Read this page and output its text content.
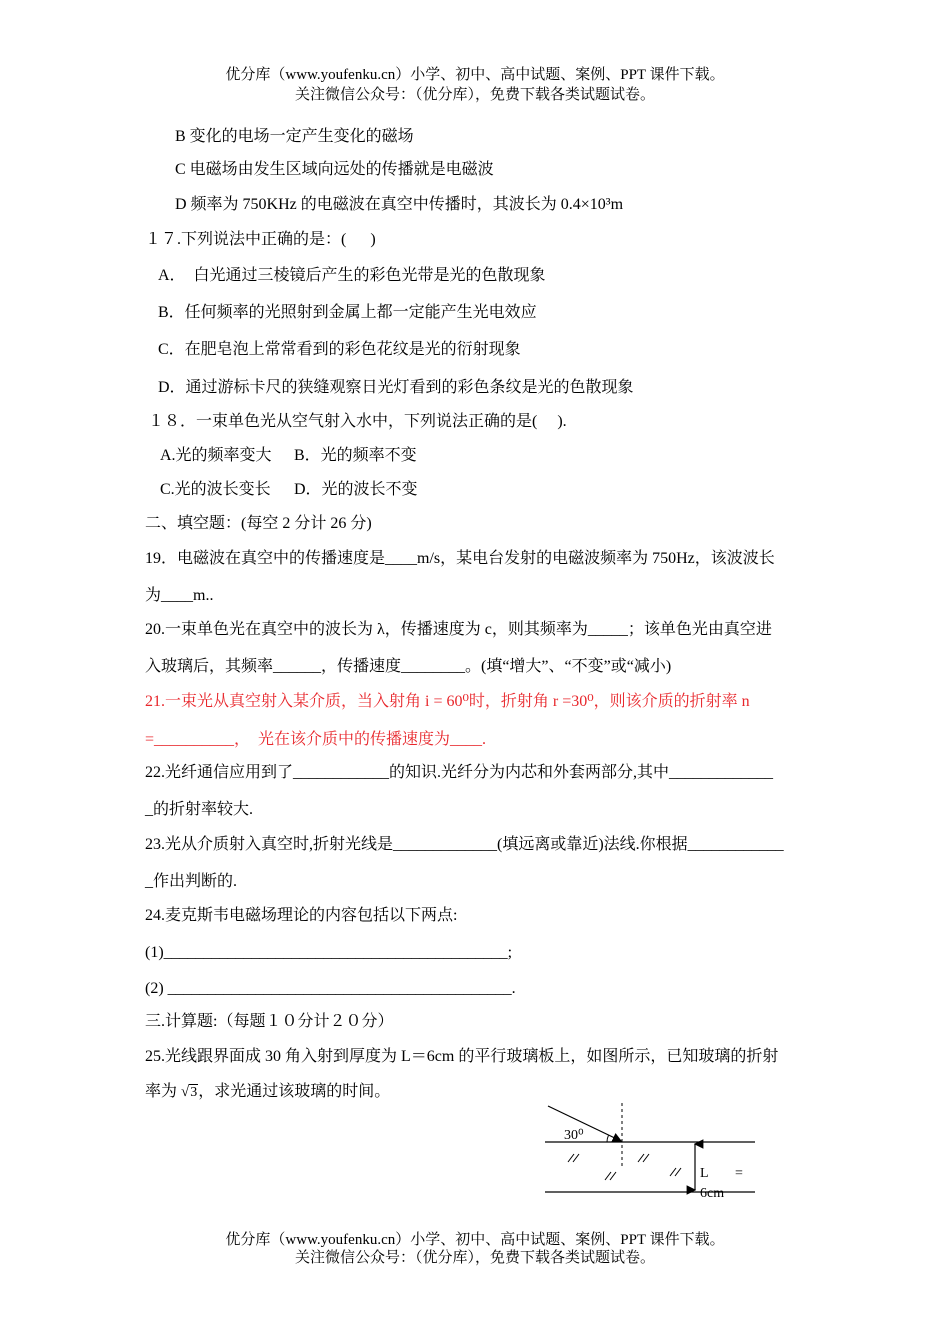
优分库（www.youfenku.cn）小学、初中、高中试题、案例、PPT 课件下载。
关注微信公众号：（优分库），免费下载各类试题试卷。
B 变化的电场一定产生变化的磁场
C 电磁场由发生区域向远处的传播就是电磁波
D 频率为 750KHz 的电磁波在真空中传播时，其波长为 0.4×10³m
１７.下列说法中正确的是：(      )
A．  白光通过三棱镜后产生的彩色光带是光的色散现象
B．任何频率的光照射到金属上都一定能产生光电效应
C．在肥皂泡上常常看到的彩色花纹是光的衍射现象
D．通过游标卡尺的狭缝观察日光灯看到的彩色条纹是光的色散现象
１８．一束单色光从空气射入水中，下列说法正确的是(     ).
A.光的频率变大 B．光的频率不变
C.光的波长变长 D．光的波长不变
二、填空题：(每空 2 分计 26 分)
19．电磁波在真空中的传播速度是____m/s，某电台发射的电磁波频率为 750Hz，该波波长
为____m..
20.一束单色光在真空中的波长为 λ，传播速度为 c，则其频率为_____；该单色光由真空进
入玻璃后，其频率______，传播速度________。(填“增大”、“不变”或“减小)
21.一束光从真空射入某介质，当入射角 i = 60⁰时，折射角 r =30⁰，则该介质的折射率 n
=__________，  光在该介质中的传播速度为____.
22.光纤通信应用到了____________的知识.光纤分为内芯和外套两部分,其中_____________
_的折射率较大.
23.光从介质射入真空时,折射光线是_____________(填远离或靠近)法线.你根据____________
_作出判断的.
24.麦克斯韦电磁场理论的内容包括以下两点:
(1)___________________________________________;
(2) ___________________________________________.
三.计算题:（每题１０分计２０分）
25.光线跟界面成 30 角入射到厚度为 L＝6cm 的平行玻璃板上，如图所示，已知玻璃的折射
率为 √3，求光通过该玻璃的时间。
30⁰
L =
6cm
优分库（www.youfenku.cn）小学、初中、高中试题、案例、PPT 课件下载。
关注微信公众号：（优分库），免费下载各类试题试卷。
